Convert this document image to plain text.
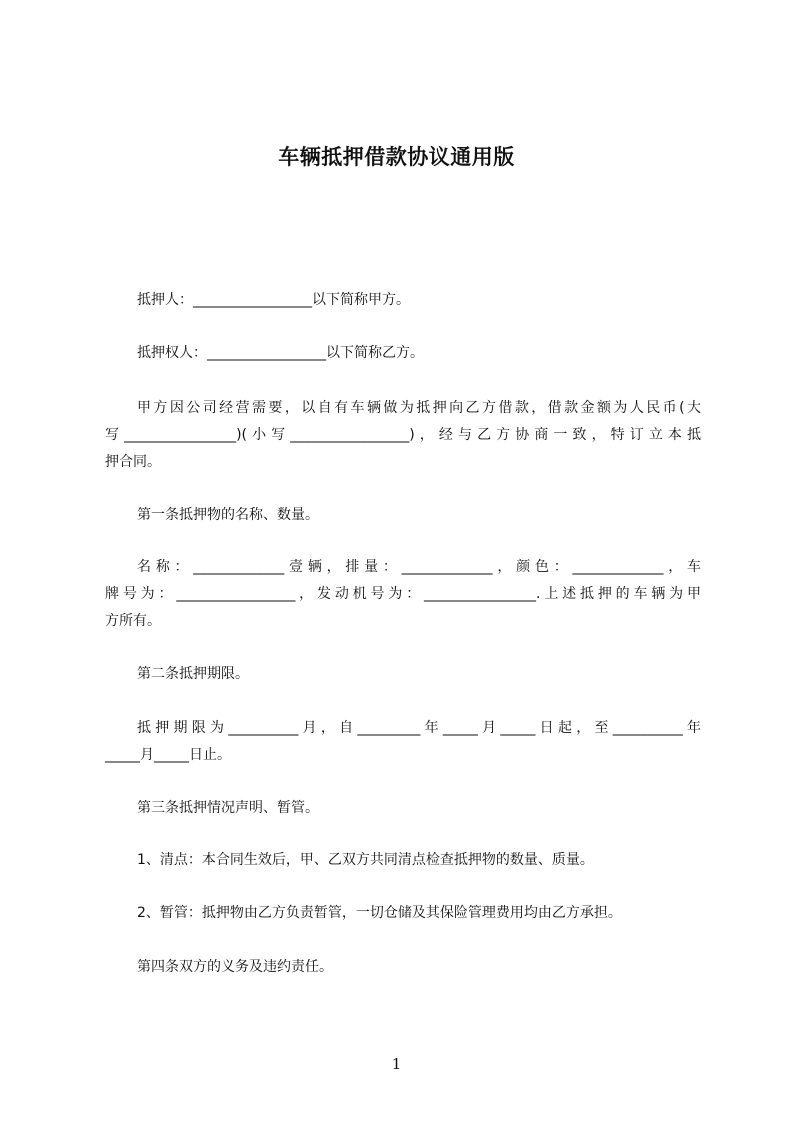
车辆抵押借款协议通用版
抵押人：_________________以下简称甲方。
抵押权人：_________________以下简称乙方。
甲方因公司经营需要，以自有车辆做为抵押向乙方借款，借款金额为人民币(大
写________________)(小写_________________)，经与乙方协商一致，特订立本抵
押合同。
第一条抵押物的名称、数量。
名称：_____________壹辆，排量：_____________，颜色：_____________，车
牌号为：_________________，发动机号为：________________.上述抵押的车辆为甲
方所有。
第二条抵押期限。
抵押期限为__________月，自_________年_____月_____日起，至__________年
_____月_____日止。
第三条抵押情况声明、暂管。
1、清点：本合同生效后，甲、乙双方共同清点检查抵押物的数量、质量。
2、暂管：抵押物由乙方负责暂管，一切仓储及其保险管理费用均由乙方承担。
第四条双方的义务及违约责任。
1
